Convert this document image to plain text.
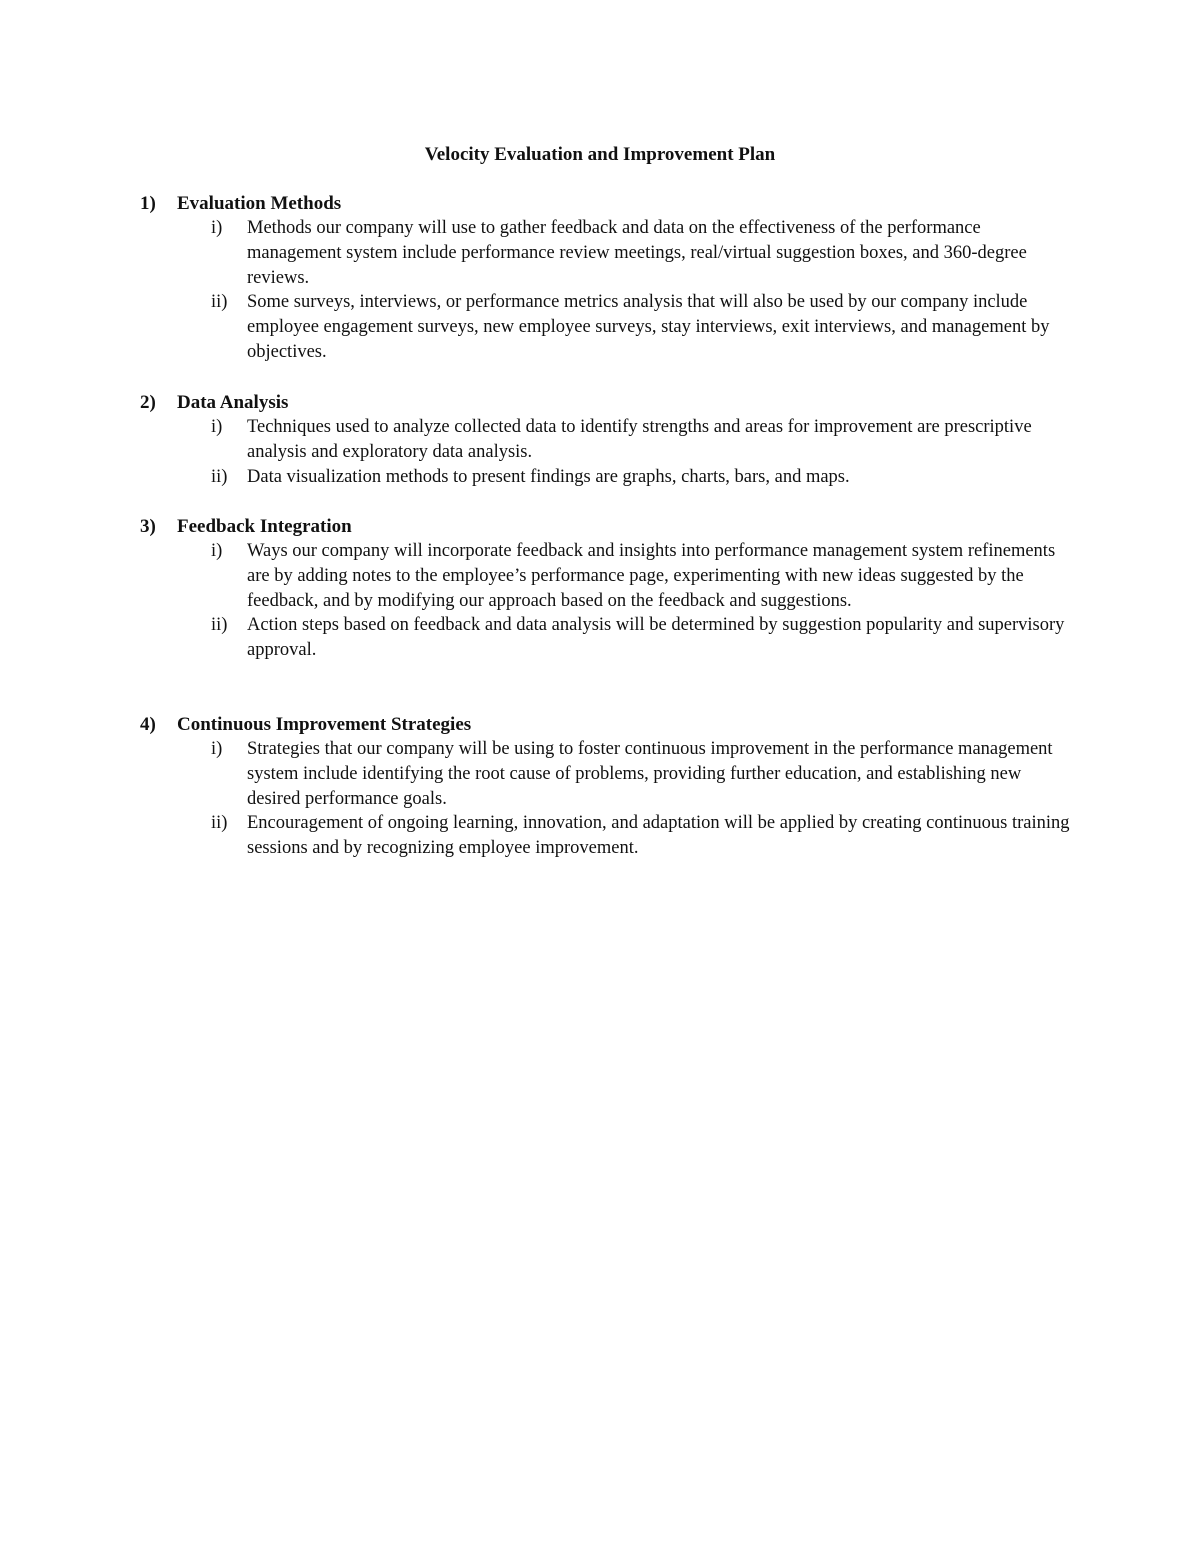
Velocity Evaluation and Improvement Plan
1) Evaluation Methods
i) Methods our company will use to gather feedback and data on the effectiveness of the performance management system include performance review meetings, real/virtual suggestion boxes, and 360-degree reviews.
ii) Some surveys, interviews, or performance metrics analysis that will also be used by our company include employee engagement surveys, new employee surveys, stay interviews, exit interviews, and management by objectives.
2) Data Analysis
i) Techniques used to analyze collected data to identify strengths and areas for improvement are prescriptive analysis and exploratory data analysis.
ii) Data visualization methods to present findings are graphs, charts, bars, and maps.
3) Feedback Integration
i) Ways our company will incorporate feedback and insights into performance management system refinements are by adding notes to the employee’s performance page, experimenting with new ideas suggested by the feedback, and by modifying our approach based on the feedback and suggestions.
ii) Action steps based on feedback and data analysis will be determined by suggestion popularity and supervisory approval.
4) Continuous Improvement Strategies
i) Strategies that our company will be using to foster continuous improvement in the performance management system include identifying the root cause of problems, providing further education, and establishing new desired performance goals.
ii) Encouragement of ongoing learning, innovation, and adaptation will be applied by creating continuous training sessions and by recognizing employee improvement.
